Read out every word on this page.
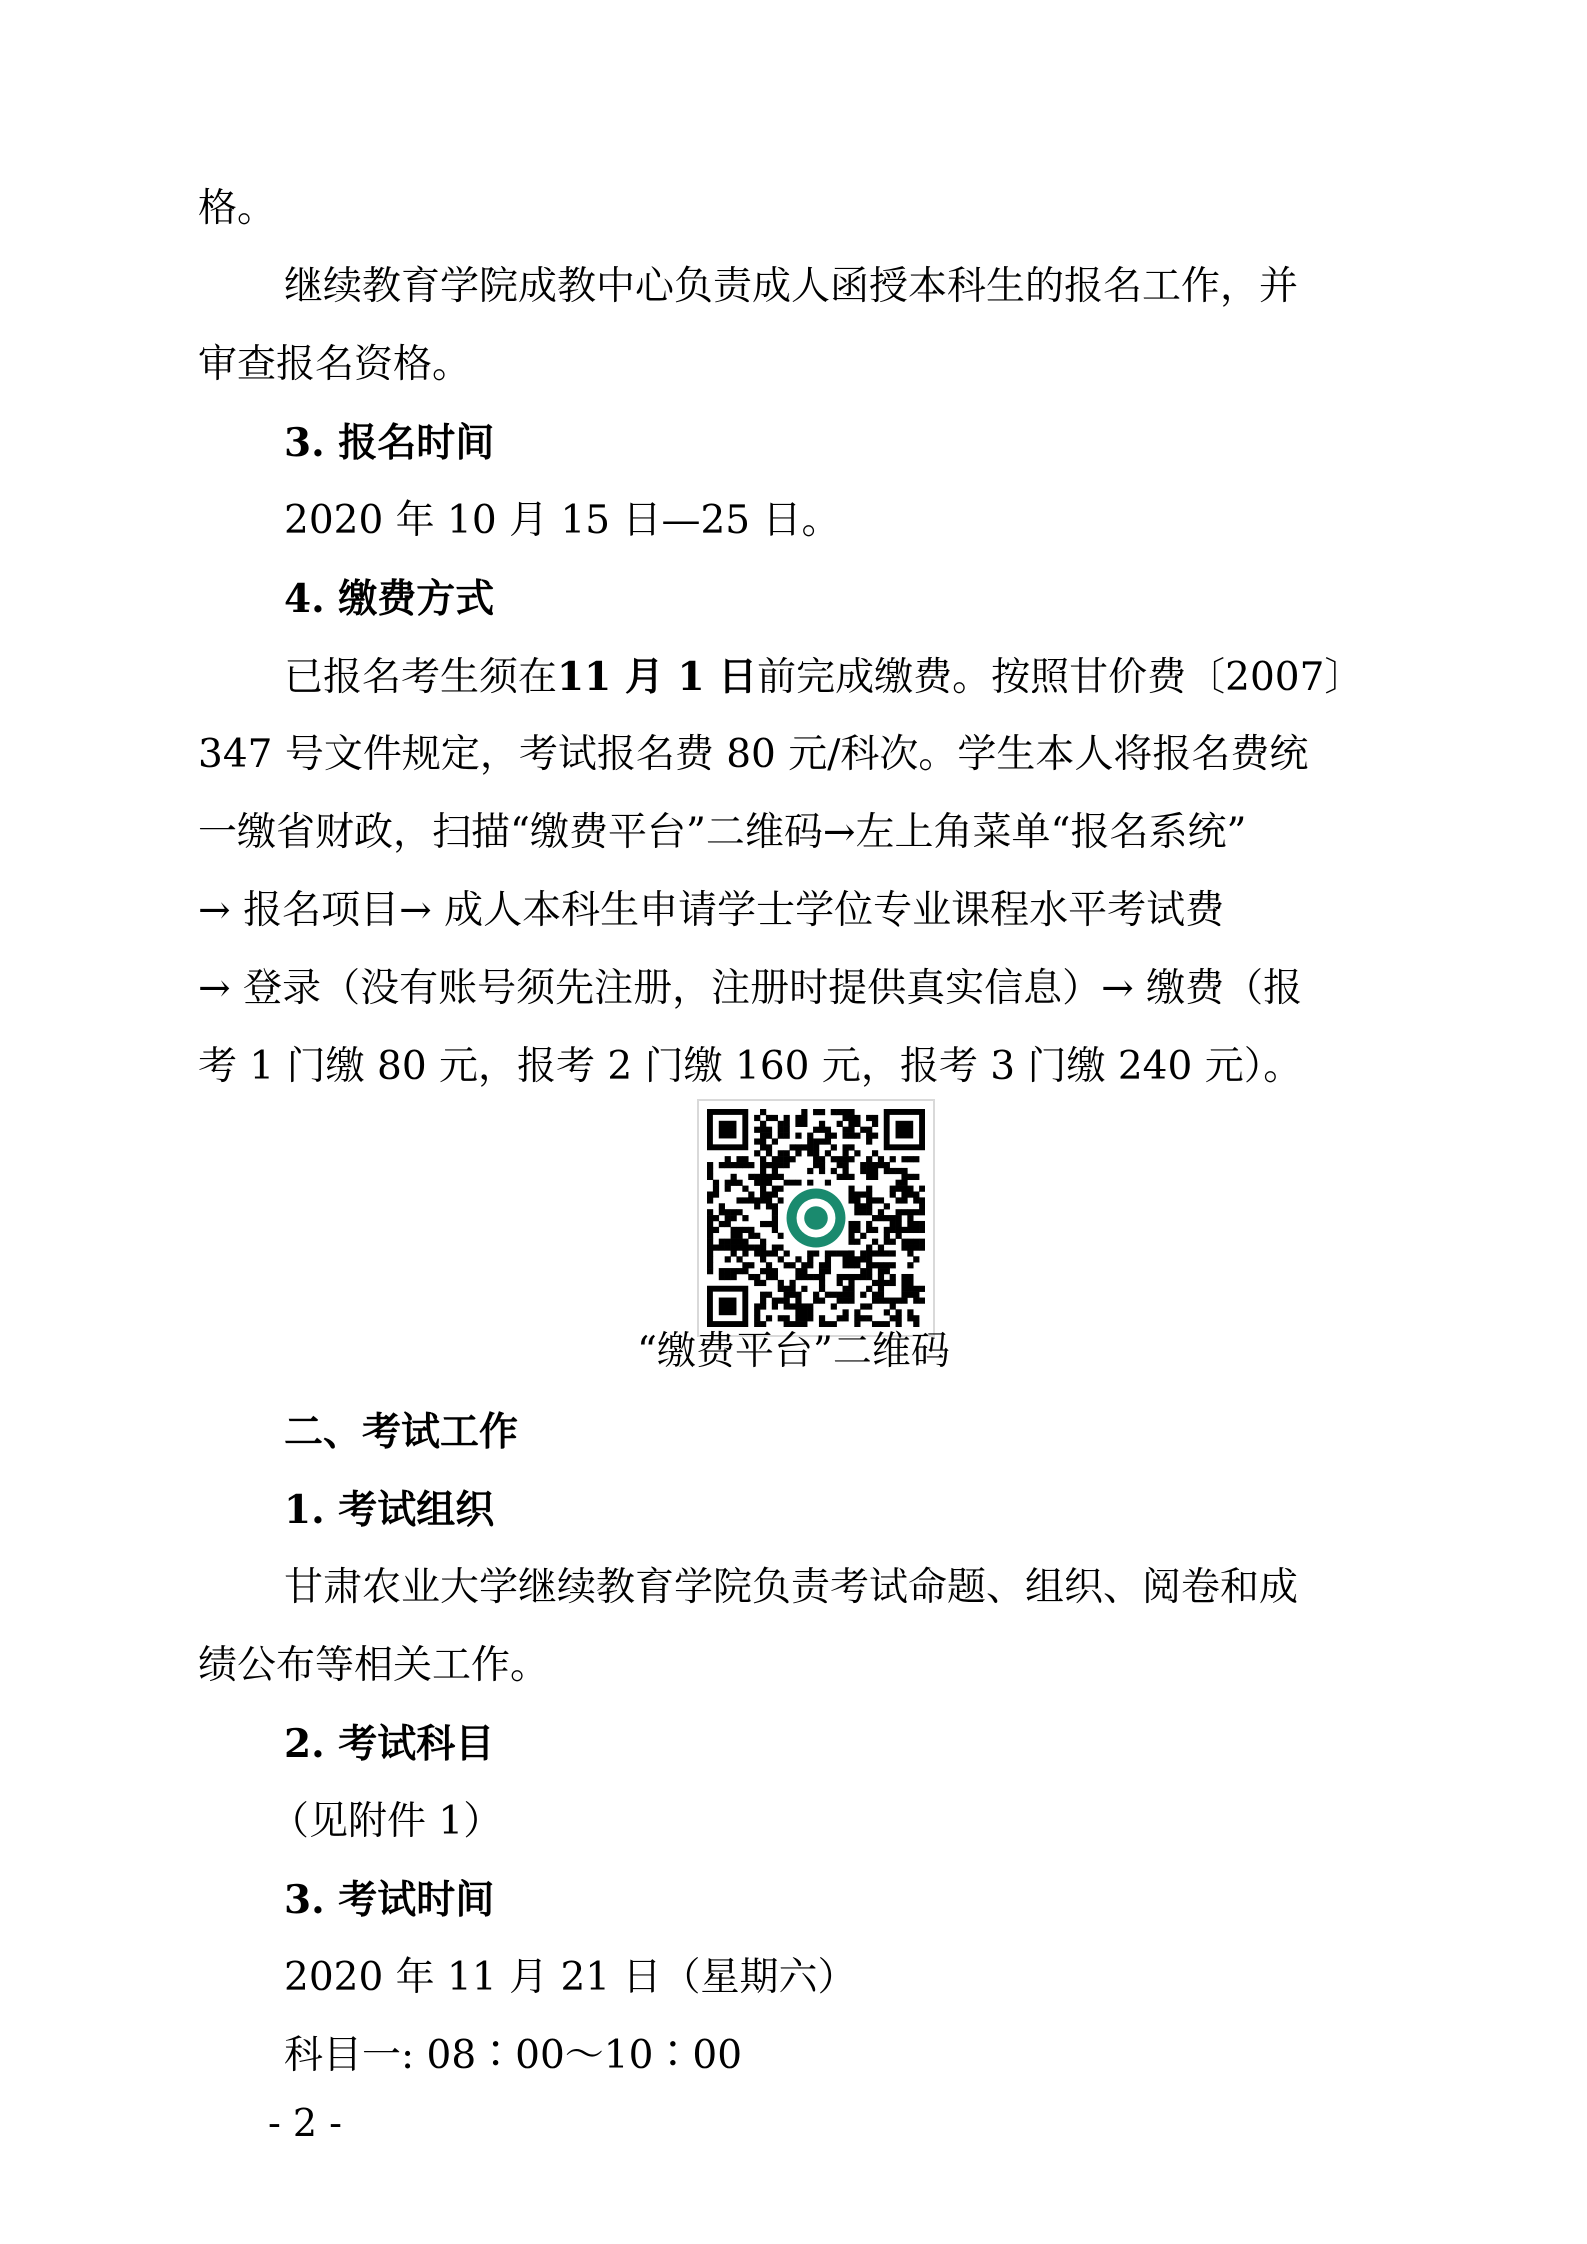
格。
继续教育学院成教中心负责成人函授本科生的报名工作，并
审查报名资格。
3. 报名时间
2020 年 10 月 15 日—25 日。
4. 缴费方式
已报名考生须在11 月 1 日前完成缴费。按照甘价费〔2007〕
347 号文件规定，考试报名费 80 元/科次。学生本人将报名费统
一缴省财政，扫描“缴费平台”二维码→左上角菜单“报名系统”
→ 报名项目→ 成人本科生申请学士学位专业课程水平考试费
→ 登录（没有账号须先注册，注册时提供真实信息）→ 缴费（报
考 1 门缴 80 元，报考 2 门缴 160 元，报考 3 门缴 240 元）。
“缴费平台”二维码
二、考试工作
1. 考试组织
甘肃农业大学继续教育学院负责考试命题、组织、阅卷和成
绩公布等相关工作。
2. 考试科目
（见附件 1）
3. 考试时间
2020 年 11 月 21 日（星期六）
科目一: 08∶00～10∶00
- 2 -
